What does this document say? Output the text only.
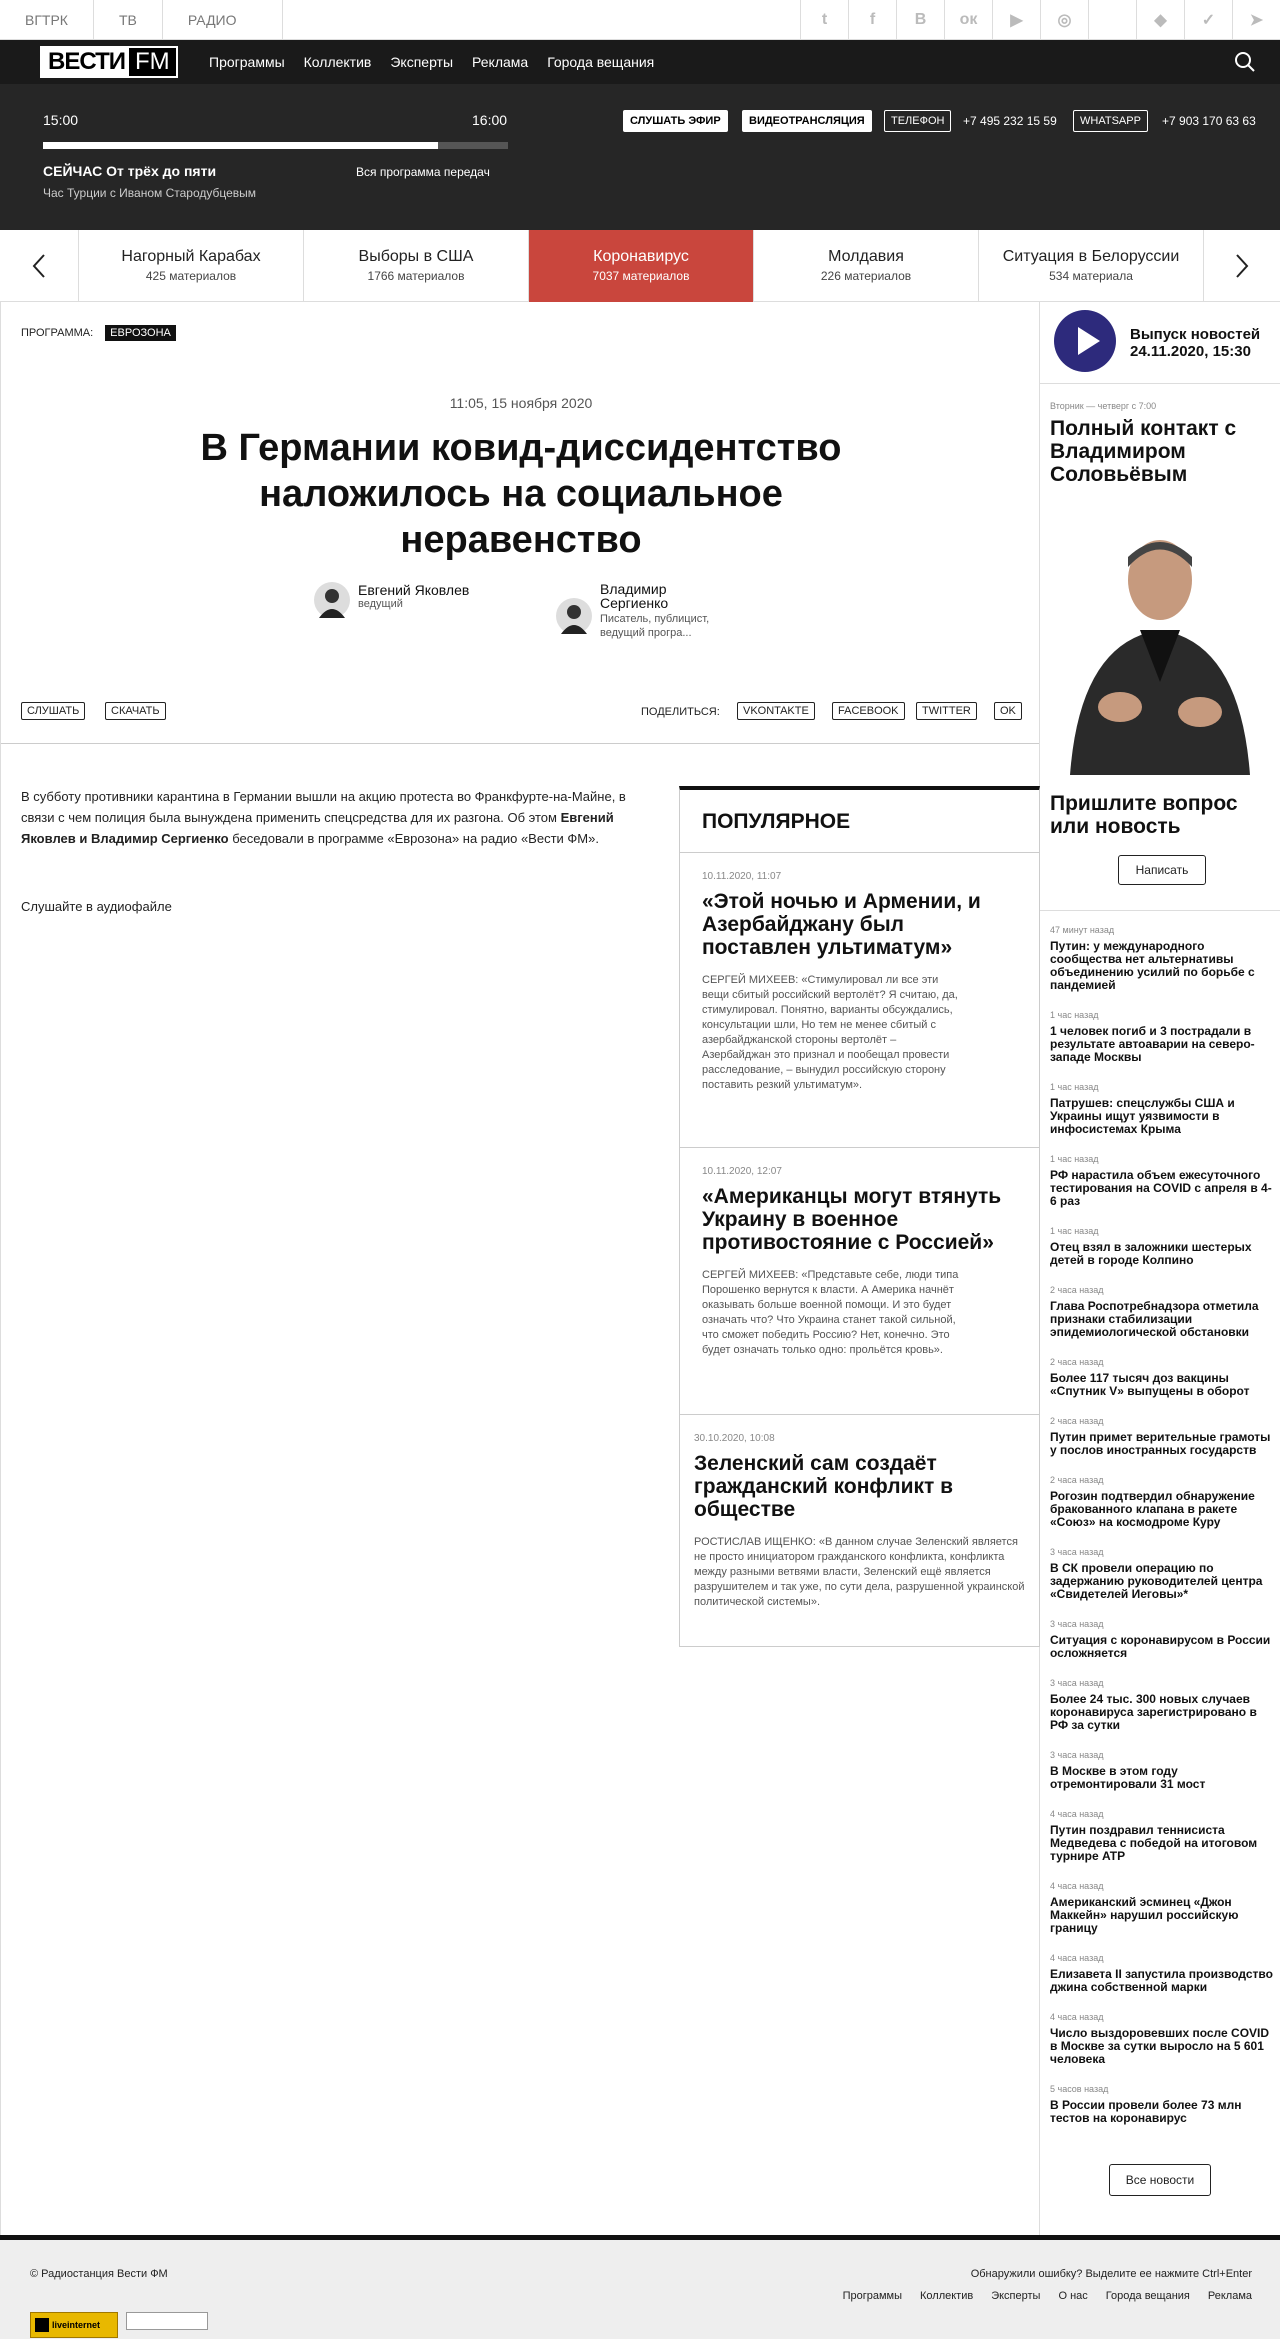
ВГТРК	ТВ	РАДИО	t	f	В	ок	▶	◎	◆	✓	➤
ВЕСТИ FM	Программы Коллектив Эксперты Реклама Города вещания
15:00	16:00
СЕЙЧАС От трёх до пяти	Вся программа передач
Час Турции с Иваном Стародубцевым
СЛУШАТЬ ЭФИР	ВИДЕОТРАНСЛЯЦИЯ	ТЕЛЕФОН	+7 495 232 15 59	WHATSAPP	+7 903 170 63 63
Нагорный Карабах
425 материалов
Выборы в США
1766 материалов
Коронавирус
7037 материалов
Молдавия
226 материалов
Ситуация в Белоруссии
534 материала
ПРОГРАММА:	ЕВРОЗОНА
11:05, 15 ноября 2020
В Германии ковид-диссидентство наложилось на социальное неравенство
Евгений Яковлев
ведущий
Владимир Сергиенко
Писатель, публицист, ведущий програ...
СЛУШАТЬ	СКАЧАТЬ	ПОДЕЛИТЬСЯ:	VKONTAKTE	FACEBOOK	TWITTER	OK

В субботу противники карантина в Германии вышли на акцию протеста во Франкфурте-на-Майне, в связи с чем полиция была вынуждена применить спецсредства для их разгона. Об этом Евгений Яковлев и Владимир Сергиенко беседовали в программе «Еврозона» на радио «Вести ФМ».

Слушайте в аудиофайле

ПОПУЛЯРНОЕ
10.11.2020, 11:07
«Этой ночью и Армении, и Азербайджану был поставлен ультиматум»
СЕРГЕЙ МИХЕЕВ: «Стимулировал ли все эти вещи сбитый российский вертолёт? Я считаю, да, стимулировал. Понятно, варианты обсуждались, консультации шли, Но тем не менее сбитый с азербайджанской стороны вертолёт – Азербайджан это признал и пообещал провести расследование, – вынудил российскую сторону поставить резкий ультиматум».
10.11.2020, 12:07
«Американцы могут втянуть Украину в военное противостояние с Россией»
СЕРГЕЙ МИХЕЕВ: «Представьте себе, люди типа Порошенко вернутся к власти. А Америка начнёт оказывать больше военной помощи. И это будет означать что? Что Украина станет такой сильной, что сможет победить Россию? Нет, конечно. Это будет означать только одно: прольётся кровь».
30.10.2020, 10:08
Зеленский сам создаёт гражданский конфликт в обществе
РОСТИСЛАВ ИЩЕНКО: «В данном случае Зеленский является не просто инициатором гражданского конфликта, конфликта между разными ветвями власти, Зеленский ещё является разрушителем и так уже, по сути дела, разрушенной украинской политической системы».
Выпуск новостей
24.11.2020, 15:30
Вторник — четверг с 7:00
Полный контакт с Владимиром Соловьёвым
Пришлите вопрос или новость
Написать
47 минут назад
Путин: у международного сообщества нет альтернативы объединению усилий по борьбе с пандемией
1 час назад
1 человек погиб и 3 пострадали в результате автоаварии на северо-западе Москвы
1 час назад
Патрушев: спецслужбы США и Украины ищут уязвимости в инфосистемах Крыма
1 час назад
РФ нарастила объем ежесуточного тестирования на COVID с апреля в 4-6 раз
1 час назад
Отец взял в заложники шестерых детей в городе Колпино
2 часа назад
Глава Роспотребнадзора отметила признаки стабилизации эпидемиологической обстановки
2 часа назад
Более 117 тысяч доз вакцины «Спутник V» выпущены в оборот
2 часа назад
Путин примет верительные грамоты у послов иностранных государств
2 часа назад
Рогозин подтвердил обнаружение бракованного клапана в ракете «Союз» на космодроме Куру
3 часа назад
В СК провели операцию по задержанию руководителей центра «Свидетелей Иеговы»*
3 часа назад
Ситуация с коронавирусом в России осложняется
3 часа назад
Более 24 тыс. 300 новых случаев коронавируса зарегистрировано в РФ за сутки
3 часа назад
В Москве в этом году отремонтировали 31 мост
4 часа назад
Путин поздравил теннисиста Медведева с победой на итоговом турнире ATP
4 часа назад
Американский эсминец «Джон Маккейн» нарушил российскую границу
4 часа назад
Елизавета II запустила производство джина собственной марки
4 часа назад
Число выздоровевших после COVID в Москве за сутки выросло на 5 601 человека
5 часов назад
В России провели более 73 млн тестов на коронавирус
Все новости
© Радиостанция Вести ФМ	Обнаружили ошибку? Выделите ее нажмите Ctrl+Enter
Программы Коллектив Эксперты О нас Города вещания Реклама
liveinternet
